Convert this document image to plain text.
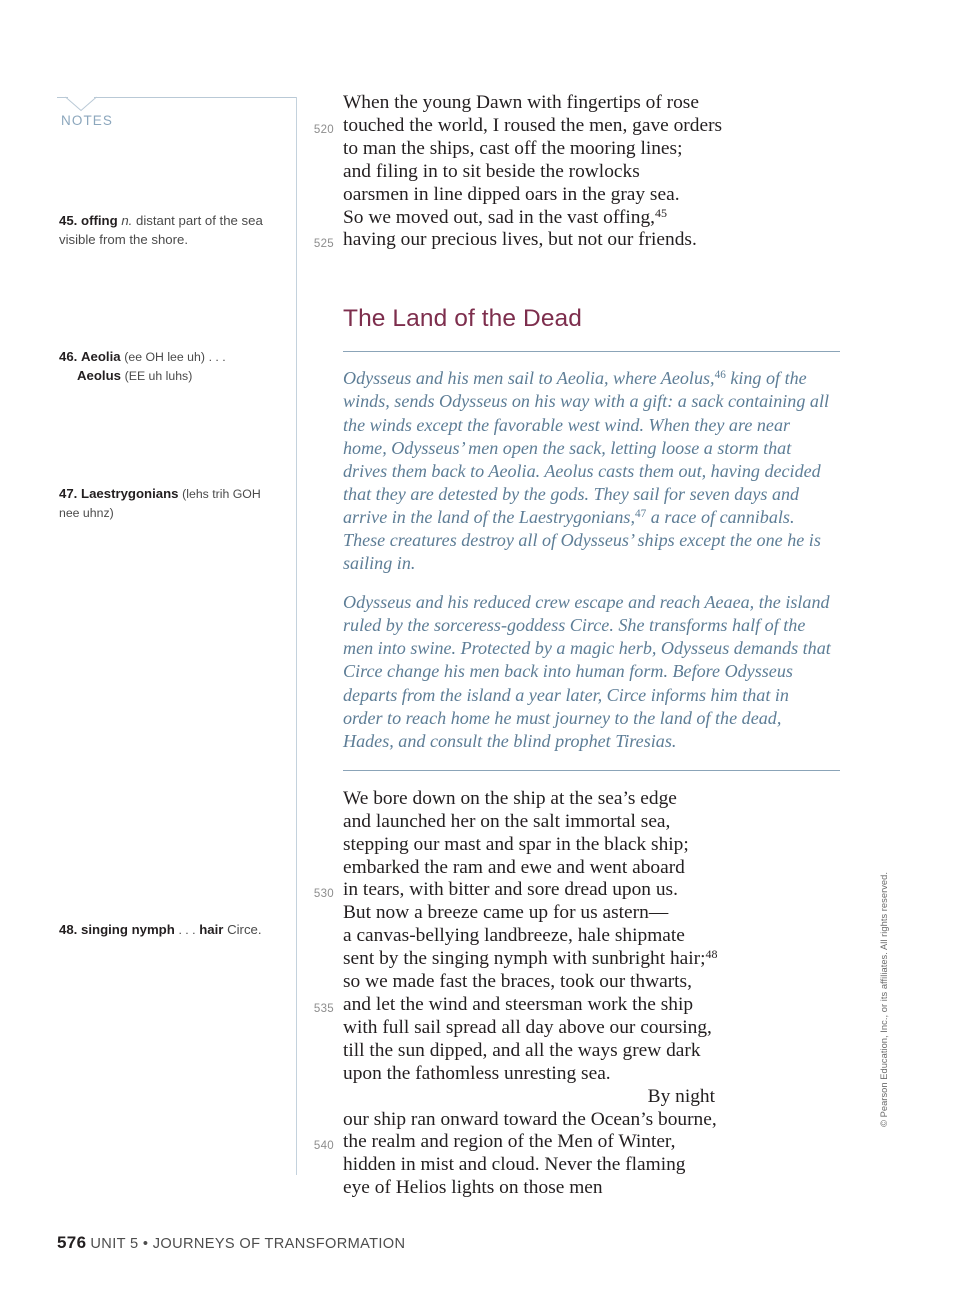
NOTES
45. offing n. distant part of the sea visible from the shore.
46. Aeolia (ee OH lee uh) . . .
Aeolus (EE uh luhs)
47. Laestrygonians (lehs trih GOH nee uhnz)
48. singing nymph . . . hair Circe.
When the young Dawn with fingertips of rose
520 touched the world, I roused the men, gave orders
to man the ships, cast off the mooring lines;
and filing in to sit beside the rowlocks
oarsmen in line dipped oars in the gray sea.
So we moved out, sad in the vast offing,$^{45}$
525 having our precious lives, but not our friends.
The Land of the Dead
Odysseus and his men sail to Aeolia, where Aeolus,$^{46}$ king of the winds, sends Odysseus on his way with a gift: a sack containing all the winds except the favorable west wind. When they are near home, Odysseus’ men open the sack, letting loose a storm that drives them back to Aeolia. Aeolus casts them out, having decided that they are detested by the gods. They sail for seven days and arrive in the land of the Laestrygonians,$^{47}$ a race of cannibals. These creatures destroy all of Odysseus’ ships except the one he is sailing in.
Odysseus and his reduced crew escape and reach Aeaea, the island ruled by the sorceress-goddess Circe. She transforms half of the men into swine. Protected by a magic herb, Odysseus demands that Circe change his men back into human form. Before Odysseus departs from the island a year later, Circe informs him that in order to reach home he must journey to the land of the dead, Hades, and consult the blind prophet Tiresias.
We bore down on the ship at the sea’s edge
and launched her on the salt immortal sea,
stepping our mast and spar in the black ship;
embarked the ram and ewe and went aboard
530 in tears, with bitter and sore dread upon us.
But now a breeze came up for us astern—
a canvas-bellying landbreeze, hale shipmate
sent by the singing nymph with sunbright hair;$^{48}$
so we made fast the braces, took our thwarts,
535 and let the wind and steersman work the ship
with full sail spread all day above our coursing,
till the sun dipped, and all the ways grew dark
upon the fathomless unresting sea.
By night
our ship ran onward toward the Ocean’s bourne,
540 the realm and region of the Men of Winter,
hidden in mist and cloud. Never the flaming
eye of Helios lights on those men
576 UNIT 5 • JOURNEYS OF TRANSFORMATION
© Pearson Education, Inc., or its affiliates. All rights reserved.
